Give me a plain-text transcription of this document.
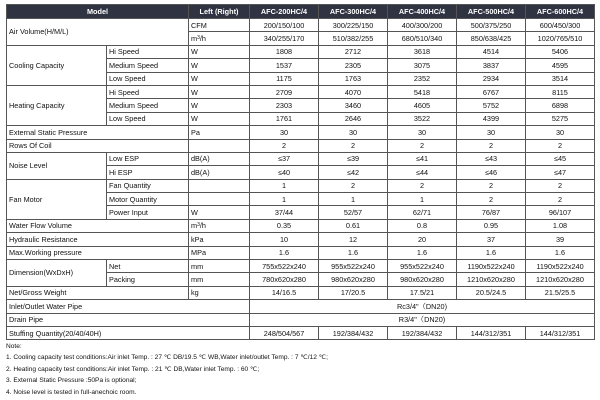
Model		Left (Right)	AFC-200HC/4	AFC-300HC/4	AFC-400HC/4	AFC-500HC/4	AFC-600HC/4
Air Volume(H/M/L)		CFM	200/150/100	300/225/150	400/300/200	500/375/250	600/450/300
		$m^3/h$	340/255/170	510/382/255	680/510/340	850/638/425	1020/765/510
Cooling Capacity	Hi Speed	W	1808	2712	3618	4514	5406
	Medium Speed	W	1537	2305	3075	3837	4595
	Low Speed	W	1175	1763	2352	2934	3514
Heating Capacity	Hi Speed	W	2709	4070	5418	6767	8115
	Medium Speed	W	2303	3460	4605	5752	6898
	Low Speed	W	1761	2646	3522	4399	5275
External Static Pressure		Pa	30	30	30	30	30
Rows Of Coil			2	2	2	2	2
Noise Level	Low ESP	dB(A)	≤37	≤39	≤41	≤43	≤45
	Hi ESP	dB(A)	≤40	≤42	≤44	≤46	≤47
Fan Motor	Fan Quantity		1	2	2	2	2
	Motor Quantity		1	1	1	2	2
	Power Input	W	37/44	52/57	62/71	76/87	96/107
Water Flow Volume		$m^3/h$	0.35	0.61	0.8	0.95	1.08
Hydraulic Resistance		kPa	10	12	20	37	39
Max.Working pressure		MPa	1.6	1.6	1.6	1.6	1.6
Dimension(WxDxH)	Net	mm	755x522x240	955x522x240	955x522x240	1190x522x240	1190x522x240
	Packing	mm	780x620x280	980x620x280	980x620x280	1210x620x280	1210x620x280
Net/Gross Weight		kg	14/16.5	17/20.5	17.5/21	20.5/24.5	21.5/25.5
Inlet/Outlet Water Pipe			Rc3/4"（DN20)				
Drain Pipe			R3/4"（DN20)				
Stuffing Quantity(20/40/40H)			248/504/567	192/384/432	192/384/432	144/312/351	144/312/351
Note:
1. Cooling capacity test conditions:Air inlet Temp. : 27 ℃ DB/19.5 ℃ WB,Water inlet/outlet Temp. : 7 ℃/12 ℃;
2. Heating capacity test conditions:Air inlet Temp. : 21 ℃ DB,Water inlet Temp. : 60 ℃;
3. External Static Pressure :50Pa is optional;
4. Noise level is tested in full-anechoic room.
